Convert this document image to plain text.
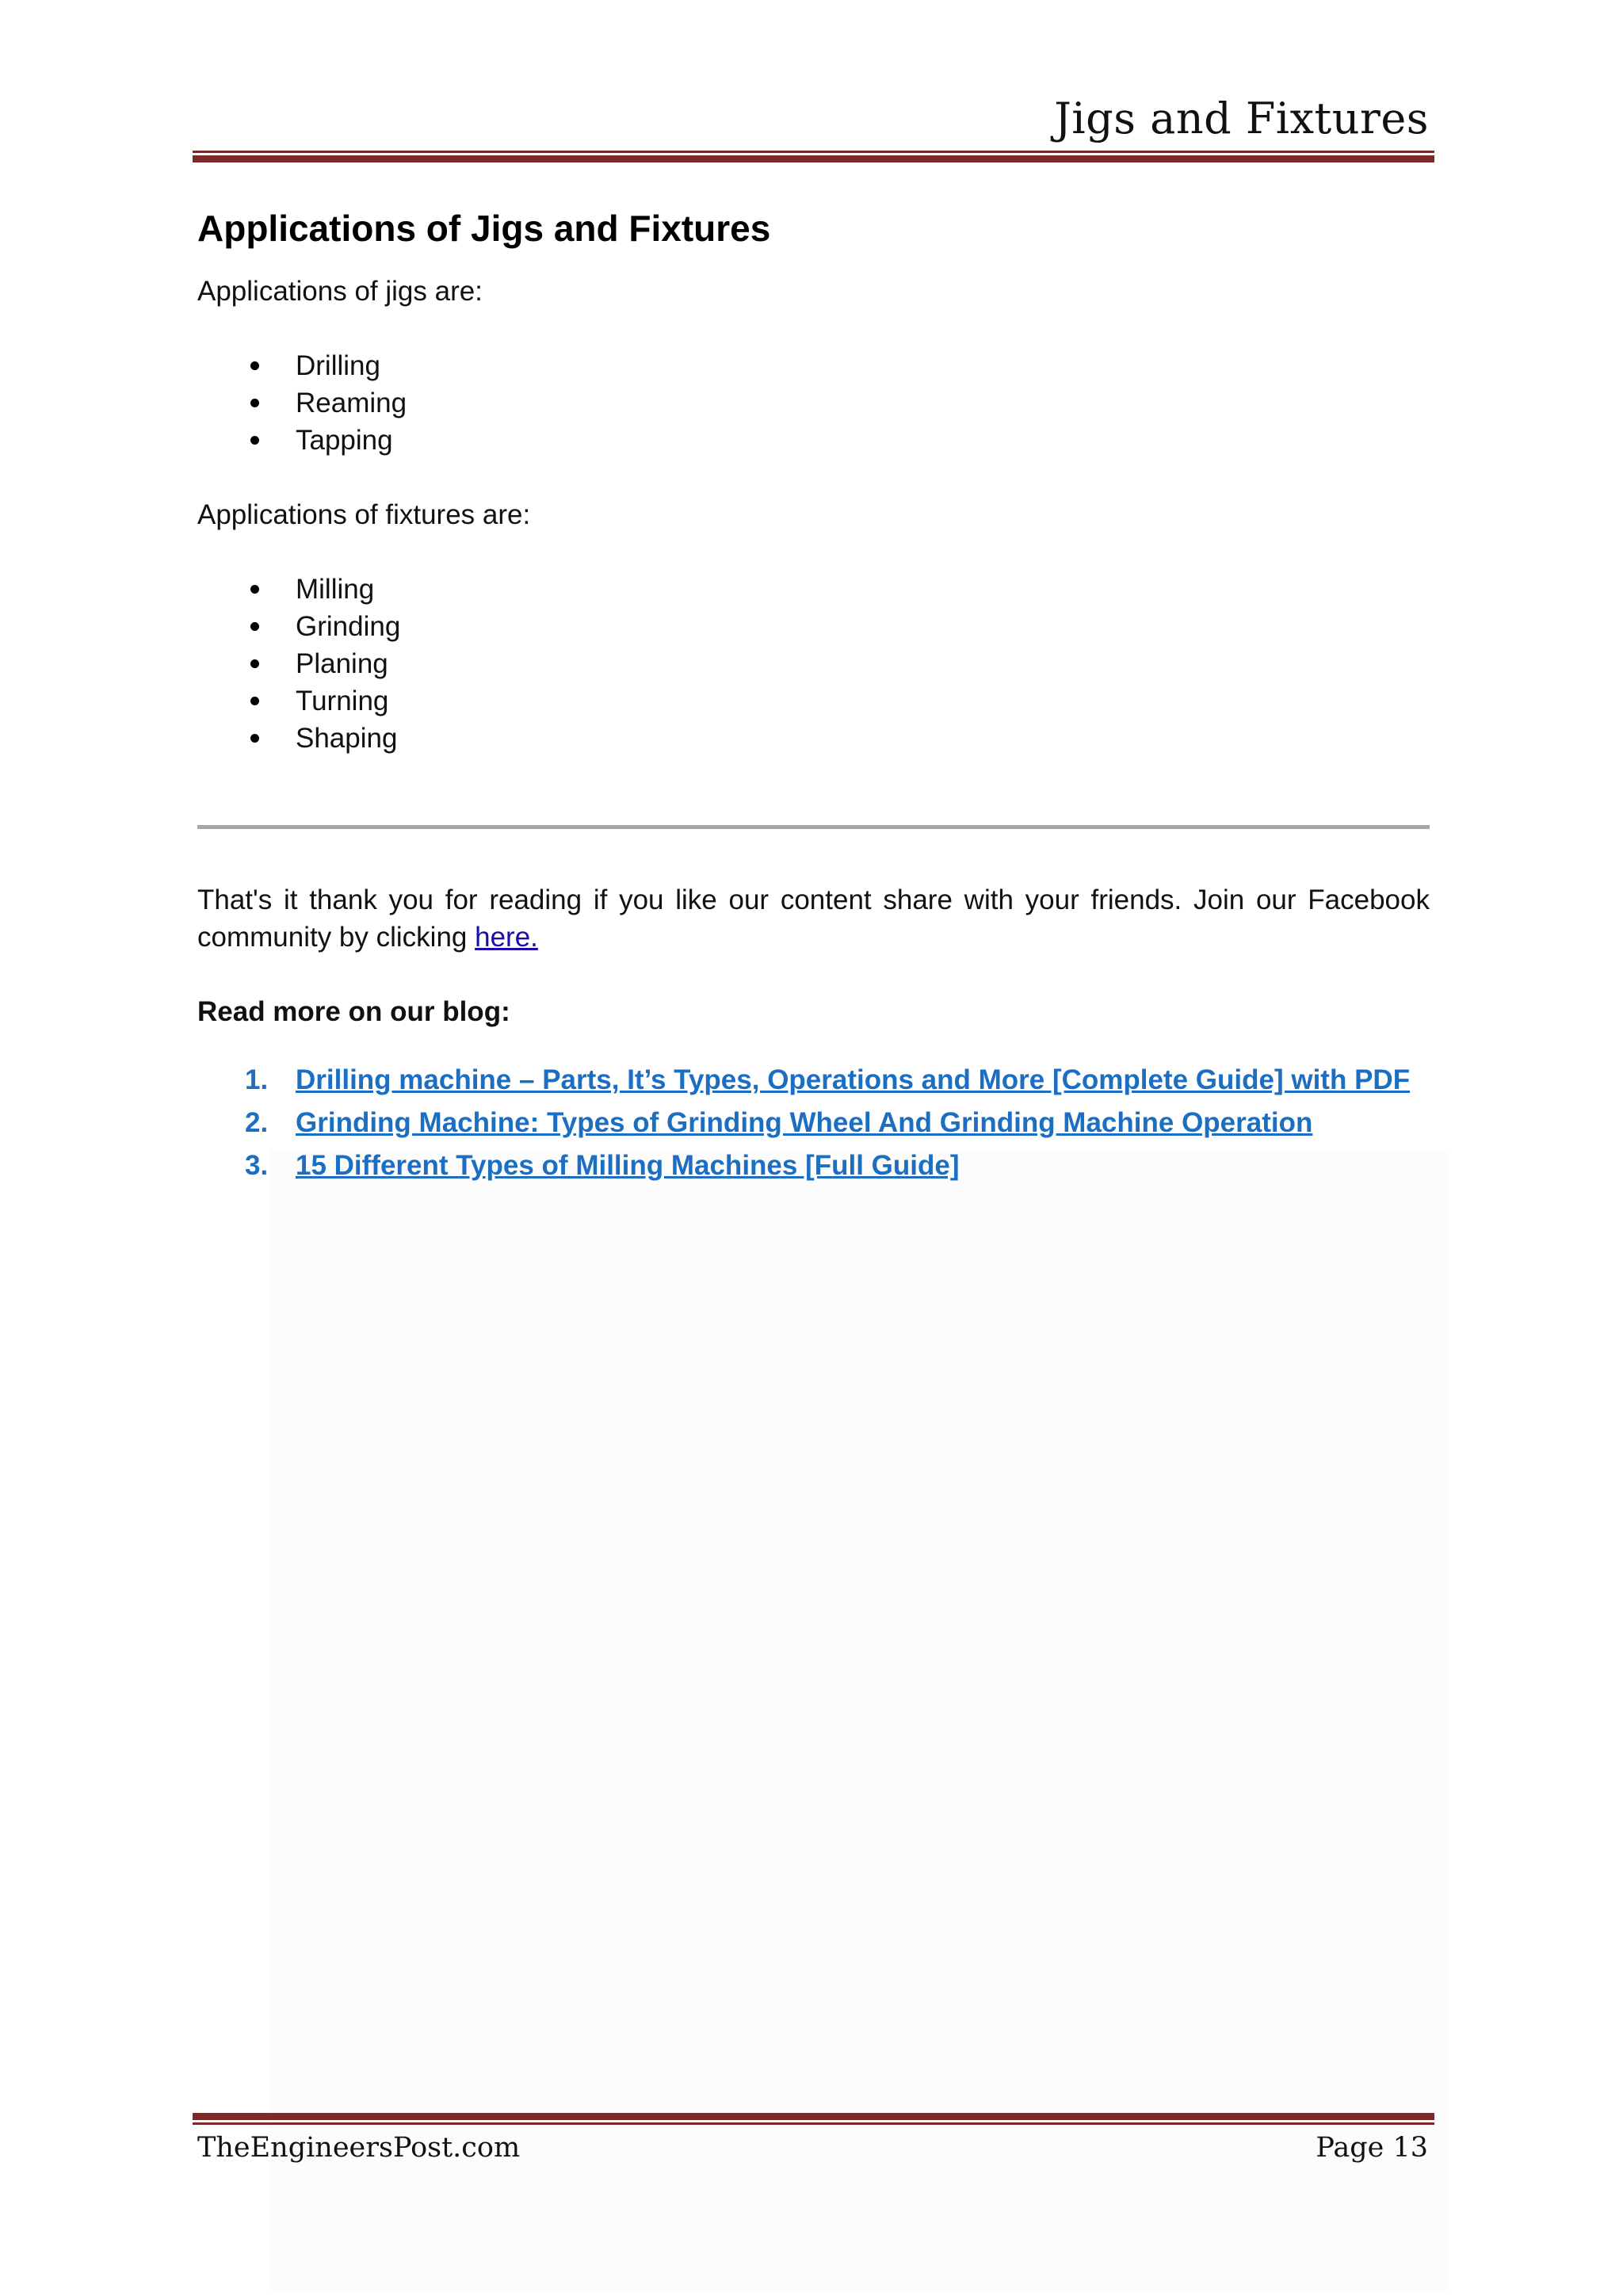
Jigs and Fixtures
Applications of Jigs and Fixtures

Applications of jigs are:

Drilling
Reaming
Tapping

Applications of fixtures are:

Milling
Grinding
Planing
Turning
Shaping

That's it thank you for reading if you like our content share with your friends. Join our Facebook community by clicking here.

Read more on our blog:

1. Drilling machine – Parts, It’s Types, Operations and More [Complete Guide] with PDF
2. Grinding Machine: Types of Grinding Wheel And Grinding Machine Operation
3. 15 Different Types of Milling Machines [Full Guide]
TheEngineersPost.com	Page 13
